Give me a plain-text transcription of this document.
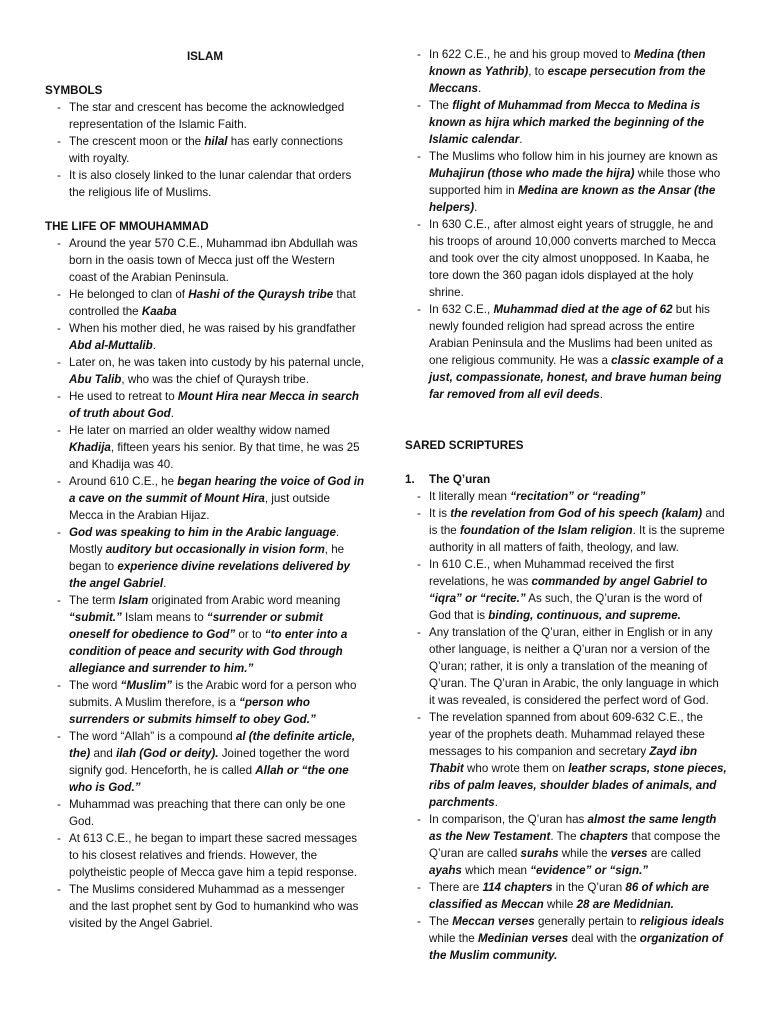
ISLAM
SYMBOLS
- The star and crescent has become the acknowledged representation of the Islamic Faith.
- The crescent moon or the hilal has early connections with royalty.
- It is also closely linked to the lunar calendar that orders the religious life of Muslims.
THE LIFE OF MMOUHAMMAD
- Around the year 570 C.E., Muhammad ibn Abdullah was born in the oasis town of Mecca just off the Western coast of the Arabian Peninsula.
- He belonged to clan of Hashi of the Quraysh tribe that controlled the Kaaba
- When his mother died, he was raised by his grandfather Abd al-Muttalib.
- Later on, he was taken into custody by his paternal uncle, Abu Talib, who was the chief of Quraysh tribe.
- He used to retreat to Mount Hira near Mecca in search of truth about God.
- He later on married an older wealthy widow named Khadija, fifteen years his senior. By that time, he was 25 and Khadija was 40.
- Around 610 C.E., he began hearing the voice of God in a cave on the summit of Mount Hira, just outside Mecca in the Arabian Hijaz.
- God was speaking to him in the Arabic language. Mostly auditory but occasionally in vision form, he began to experience divine revelations delivered by the angel Gabriel.
- The term Islam originated from Arabic word meaning “submit.” Islam means to “surrender or submit oneself for obedience to God” or to “to enter into a condition of peace and security with God through allegiance and surrender to him.”
- The word “Muslim” is the Arabic word for a person who submits. A Muslim therefore, is a “person who surrenders or submits himself to obey God.”
- The word “Allah” is a compound al (the definite article, the) and ilah (God or deity). Joined together the word signify god. Henceforth, he is called Allah or “the one who is God.”
- Muhammad was preaching that there can only be one God.
- At 613 C.E., he began to impart these sacred messages to his closest relatives and friends. However, the polytheistic people of Mecca gave him a tepid response.
- The Muslims considered Muhammad as a messenger and the last prophet sent by God to humankind who was visited by the Angel Gabriel.
- In 622 C.E., he and his group moved to Medina (then known as Yathrib), to escape persecution from the Meccans.
- The flight of Muhammad from Mecca to Medina is known as hijra which marked the beginning of the Islamic calendar.
- The Muslims who follow him in his journey are known as Muhajirun (those who made the hijra) while those who supported him in Medina are known as the Ansar (the helpers).
- In 630 C.E., after almost eight years of struggle, he and his troops of around 10,000 converts marched to Mecca and took over the city almost unopposed. In Kaaba, he tore down the 360 pagan idols displayed at the holy shrine.
- In 632 C.E., Muhammad died at the age of 62 but his newly founded religion had spread across the entire Arabian Peninsula and the Muslims had been united as one religious community. He was a classic example of a just, compassionate, honest, and brave human being far removed from all evil deeds.
SARED SCRIPTURES
1. The Q’uran
- It literally mean “recitation” or “reading”
- It is the revelation from God of his speech (kalam) and is the foundation of the Islam religion. It is the supreme authority in all matters of faith, theology, and law.
- In 610 C.E., when Muhammad received the first revelations, he was commanded by angel Gabriel to “iqra” or “recite.” As such, the Q’uran is the word of God that is binding, continuous, and supreme.
- Any translation of the Q’uran, either in English or in any other language, is neither a Q’uran nor a version of the Q’uran; rather, it is only a translation of the meaning of Q’uran. The Q’uran in Arabic, the only language in which it was revealed, is considered the perfect word of God.
- The revelation spanned from about 609-632 C.E., the year of the prophets death. Muhammad relayed these messages to his companion and secretary Zayd ibn Thabit who wrote them on leather scraps, stone pieces, ribs of palm leaves, shoulder blades of animals, and parchments.
- In comparison, the Q’uran has almost the same length as the New Testament. The chapters that compose the Q’uran are called surahs while the verses are called ayahs which mean “evidence” or “sign.”
- There are 114 chapters in the Q’uran 86 of which are classified as Meccan while 28 are Medidnian.
- The Meccan verses generally pertain to religious ideals while the Medinian verses deal with the organization of the Muslim community.
